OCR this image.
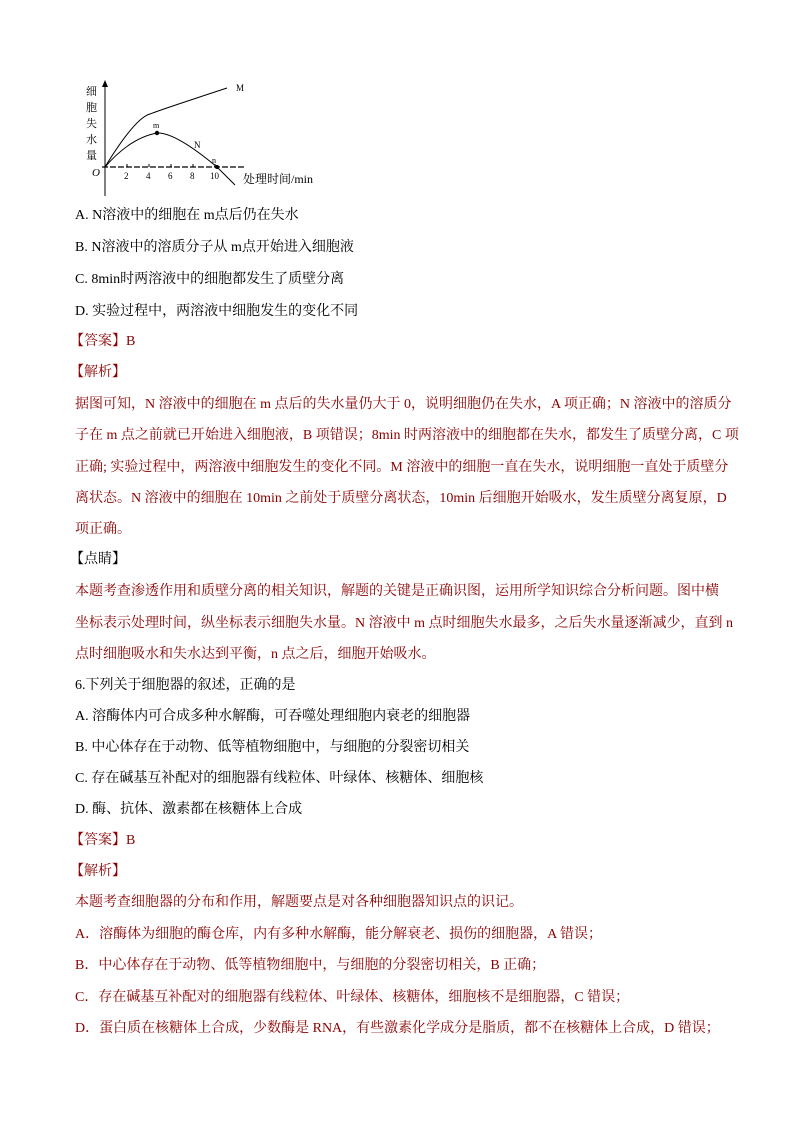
细
胞
失
水
量
O	2 4 6 8 10 处理时间/min
M
N
m
n
A. N溶液中的细胞在 m点后仍在失水
B. N溶液中的溶质分子从 m点开始进入细胞液
C. 8min时两溶液中的细胞都发生了质壁分离
D. 实验过程中，两溶液中细胞发生的变化不同
【答案】B
【解析】
据图可知，N 溶液中的细胞在 m 点后的失水量仍大于 0，说明细胞仍在失水，A 项正确；N 溶液中的溶质分
子在 m 点之前就已开始进入细胞液，B 项错误；8min 时两溶液中的细胞都在失水，都发生了质壁分离，C 项
正确; 实验过程中，两溶液中细胞发生的变化不同。M 溶液中的细胞一直在失水，说明细胞一直处于质壁分
离状态。N 溶液中的细胞在 10min 之前处于质壁分离状态，10min 后细胞开始吸水，发生质壁分离复原，D
项正确。
【点睛】
本题考查渗透作用和质壁分离的相关知识，解题的关键是正确识图，运用所学知识综合分析问题。图中横
坐标表示处理时间，纵坐标表示细胞失水量。N 溶液中 m 点时细胞失水最多，之后失水量逐渐减少，直到 n
点时细胞吸水和失水达到平衡，n 点之后，细胞开始吸水。
6.下列关于细胞器的叙述，正确的是
A. 溶酶体内可合成多种水解酶，可吞噬处理细胞内衰老的细胞器
B. 中心体存在于动物、低等植物细胞中，与细胞的分裂密切相关
C. 存在碱基互补配对的细胞器有线粒体、叶绿体、核糖体、细胞核
D. 酶、抗体、激素都在核糖体上合成
【答案】B
【解析】
本题考查细胞器的分布和作用，解题要点是对各种细胞器知识点的识记。
A．溶酶体为细胞的酶仓库，内有多种水解酶，能分解衰老、损伤的细胞器，A 错误；
B．中心体存在于动物、低等植物细胞中，与细胞的分裂密切相关，B 正确；
C．存在碱基互补配对的细胞器有线粒体、叶绿体、核糖体，细胞核不是细胞器，C 错误；
D．蛋白质在核糖体上合成，少数酶是 RNA，有些激素化学成分是脂质，都不在核糖体上合成，D 错误；
